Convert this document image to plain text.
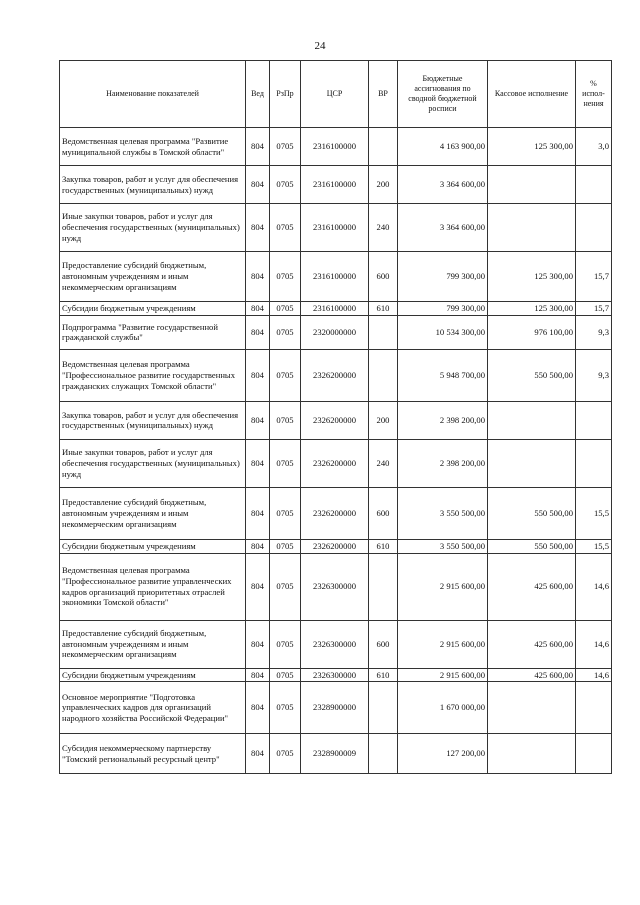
24
Наименование показателей	Вед	РзПр	ЦСР	ВР	Бюджетные ассигнования по сводной бюджетной росписи	Кассовое исполнение	% испол-нения
Ведомственная целевая программа "Развитие муниципальной службы в Томской области"	804	0705	2316100000		4 163 900,00	125 300,00	3,0
Закупка товаров, работ и услуг для обеспечения государственных (муниципальных) нужд	804	0705	2316100000	200	3 364 600,00		
Иные закупки товаров, работ и услуг для обеспечения государственных (муниципальных) нужд	804	0705	2316100000	240	3 364 600,00		
Предоставление субсидий бюджетным, автономным учреждениям и иным некоммерческим организациям	804	0705	2316100000	600	799 300,00	125 300,00	15,7
Субсидии бюджетным учреждениям	804	0705	2316100000	610	799 300,00	125 300,00	15,7
Подпрограмма "Развитие государственной гражданской службы"	804	0705	2320000000		10 534 300,00	976 100,00	9,3
Ведомственная целевая программа "Профессиональное развитие государственных гражданских служащих Томской области"	804	0705	2326200000		5 948 700,00	550 500,00	9,3
Закупка товаров, работ и услуг для обеспечения государственных (муниципальных) нужд	804	0705	2326200000	200	2 398 200,00		
Иные закупки товаров, работ и услуг для обеспечения государственных (муниципальных) нужд	804	0705	2326200000	240	2 398 200,00		
Предоставление субсидий бюджетным, автономным учреждениям и иным некоммерческим организациям	804	0705	2326200000	600	3 550 500,00	550 500,00	15,5
Субсидии бюджетным учреждениям	804	0705	2326200000	610	3 550 500,00	550 500,00	15,5
Ведомственная целевая программа "Профессиональное развитие управленческих кадров организаций приоритетных отраслей экономики Томской области"	804	0705	2326300000		2 915 600,00	425 600,00	14,6
Предоставление субсидий бюджетным, автономным учреждениям и иным некоммерческим организациям	804	0705	2326300000	600	2 915 600,00	425 600,00	14,6
Субсидии бюджетным учреждениям	804	0705	2326300000	610	2 915 600,00	425 600,00	14,6
Основное мероприятие "Подготовка управленческих кадров для организаций народного хозяйства Российской Федерации"	804	0705	2328900000		1 670 000,00		
Субсидия некоммерческому партнерству "Томский региональный ресурсный центр"	804	0705	2328900009		127 200,00		
